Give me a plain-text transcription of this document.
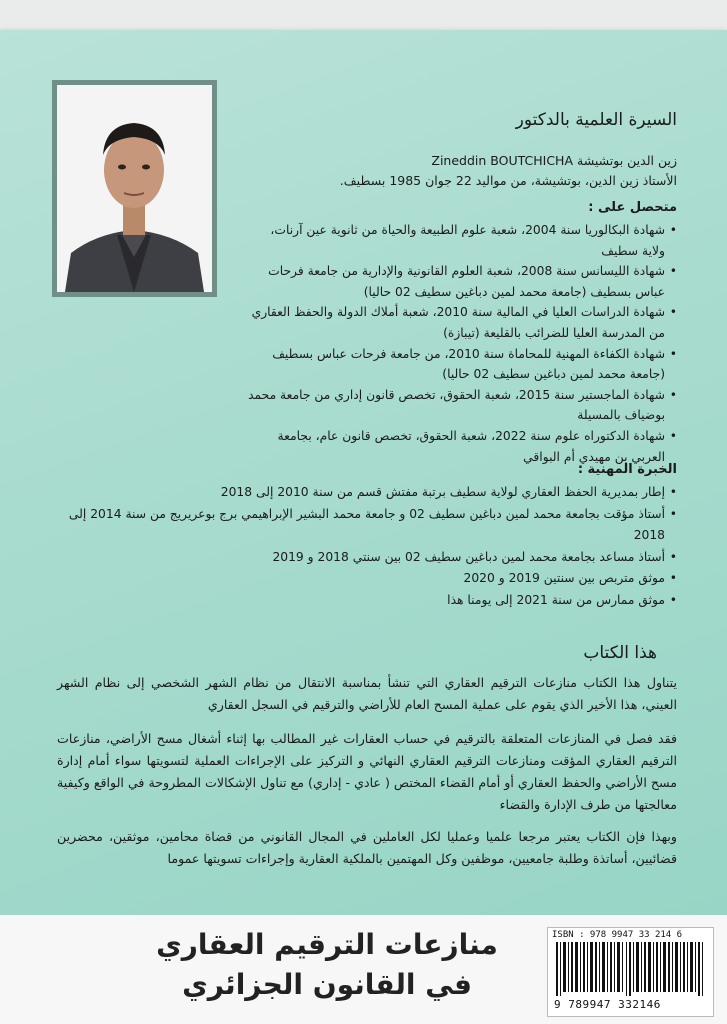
السيرة العلمية بالدكتور
زين الدين بوتشيشة Zineddin BOUTCHICHA
الأستاذ زين الدين، بوتشيشة، من مواليد 22 جوان 1985 بسطيف.
متحصل على :
• شهادة البكالوريا سنة 2004، شعبة علوم الطبيعة والحياة من ثانوية عين آرنات، ولاية سطيف
• شهادة الليسانس سنة 2008، شعبة العلوم القانونية والإدارية من جامعة فرحات عباس بسطيف (جامعة محمد لمين دباغين سطيف 02 حاليا)
• شهادة الدراسات العليا في المالية سنة 2010، شعبة أملاك الدولة والحفظ العقاري من المدرسة العليا للضرائب بالقليعة (تيبازة)
• شهادة الكفاءة المهنية للمحاماة سنة 2010، من جامعة فرحات عباس بسطيف (جامعة محمد لمين دباغين سطيف 02 حاليا)
• شهادة الماجستير سنة 2015، شعبة الحقوق، تخصص قانون إداري من جامعة محمد بوضياف بالمسيلة
• شهادة الدكتوراه علوم سنة 2022، شعبة الحقوق، تخصص قانون عام، بجامعة العربي بن مهيدي أم البواقي
الخبرة المهنية :
• إطار بمديرية الحفظ العقاري لولاية سطيف برتبة مفتش قسم من سنة 2010 إلى 2018
• أستاذ مؤقت بجامعة محمد لمين دباغين سطيف 02 و جامعة محمد البشير الإبراهيمي برج بوعريريج من سنة 2014 إلى 2018
• أستاذ مساعد بجامعة محمد لمين دباغين سطيف 02 بين سنتي 2018 و 2019
• موثق متربص بين سنتين 2019 و 2020
• موثق ممارس من سنة 2021 إلى يومنا هذا
هذا الكتاب
يتناول هذا الكتاب منازعات الترقيم العقاري التي تنشأ بمناسبة الانتقال من نظام الشهر الشخصي إلى نظام الشهر العيني، هذا الأخير الذي يقوم على عملية المسح العام للأراضي والترقيم في السجل العقاري
فقد فصل في المنازعات المتعلقة بالترقيم في حساب العقارات غير المطالب بها إثناء أشغال مسح الأراضي، منازعات الترقيم العقاري المؤقت ومنازعات الترقيم العقاري النهائي و التركيز على الإجراءات العملية لتسويتها سواء أمام إدارة مسح الأراضي والحفظ العقاري أو أمام القضاء المختص ( عادي - إداري) مع تناول الإشكالات المطروحة في الواقع وكيفية معالجتها من طرف الإدارة والقضاء
وبهذا فإن الكتاب يعتبر مرجعا علميا وعمليا لكل العاملين في المجال القانوني من قضاة محامين، موثقين، محضرين قضائيين، أساتذة وطلبة جامعيين، موظفين وكل المهتمين بالملكية العقارية وإجراءات تسويتها عموما
منازعات الترقيم العقاري
في القانون الجزائري
ISBN : 978 9947 33 214 6
9 789947 332146
